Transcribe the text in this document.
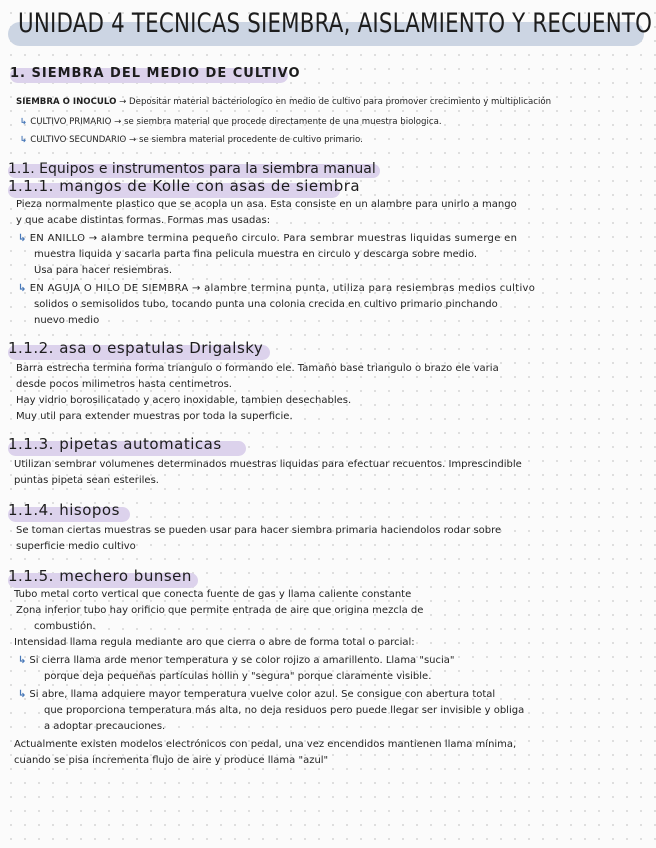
UNIDAD 4 TECNICAS SIEMBRA, AISLAMIENTO Y RECUENTO
1. SIEMBRA DEL MEDIO DE CULTIVO
SIEMBRA O INOCULO → Depositar material bacteriologico en medio de cultivo para promover crecimiento y multiplicación
↳ CULTIVO PRIMARIO → se siembra material que procede directamente de una muestra biologica.
↳ CULTIVO SECUNDARIO → se siembra material procedente de cultivo primario.
1.1. Equipos e instrumentos para la siembra manual
1.1.1. mangos de Kolle con asas de siembra
Pieza normalmente plastico que se acopla un asa. Esta consiste en un alambre para unirlo a mango
y que acabe distintas formas. Formas mas usadas:
↳ EN ANILLO → alambre termina pequeño circulo. Para sembrar muestras liquidas sumerge en
muestra liquida y sacarla parta fina pelicula muestra en circulo y descarga sobre medio.
Usa para hacer resiembras.
↳ EN AGUJA O HILO DE SIEMBRA → alambre termina punta, utiliza para resiembras medios cultivo
solidos o semisolidos tubo, tocando punta una colonia crecida en cultivo primario pinchando
nuevo medio
1.1.2. asa o espatulas Drigalsky
Barra estrecha termina forma triangulo o formando ele. Tamaño base triangulo o brazo ele varia
desde pocos milimetros hasta centimetros.
Hay vidrio borosilicatado y acero inoxidable, tambien desechables.
Muy util para extender muestras por toda la superficie.
1.1.3. pipetas automaticas
Utilizan sembrar volumenes determinados muestras liquidas para efectuar recuentos. Imprescindible
puntas pipeta sean esteriles.
1.1.4. hisopos
Se toman ciertas muestras se pueden usar para hacer siembra primaria haciendolos rodar sobre
superficie medio cultivo
1.1.5. mechero bunsen
Tubo metal corto vertical que conecta fuente de gas y llama caliente constante
Zona inferior tubo hay orificio que permite entrada de aire que origina mezcla de
combustión.
Intensidad llama regula mediante aro que cierra o abre de forma total o parcial:
↳ Si cierra llama arde menor temperatura y se color rojizo a amarillento. Llama "sucia"
porque deja pequeñas partículas hollin y "segura" porque claramente visible.
↳ Si abre, llama adquiere mayor temperatura vuelve color azul. Se consigue con abertura total
que proporciona temperatura más alta, no deja residuos pero puede llegar ser invisible y obliga
a adoptar precauciones.
Actualmente existen modelos electrónicos con pedal, una vez encendidos mantienen llama mínima,
cuando se pisa incrementa flujo de aire y produce llama "azul"
